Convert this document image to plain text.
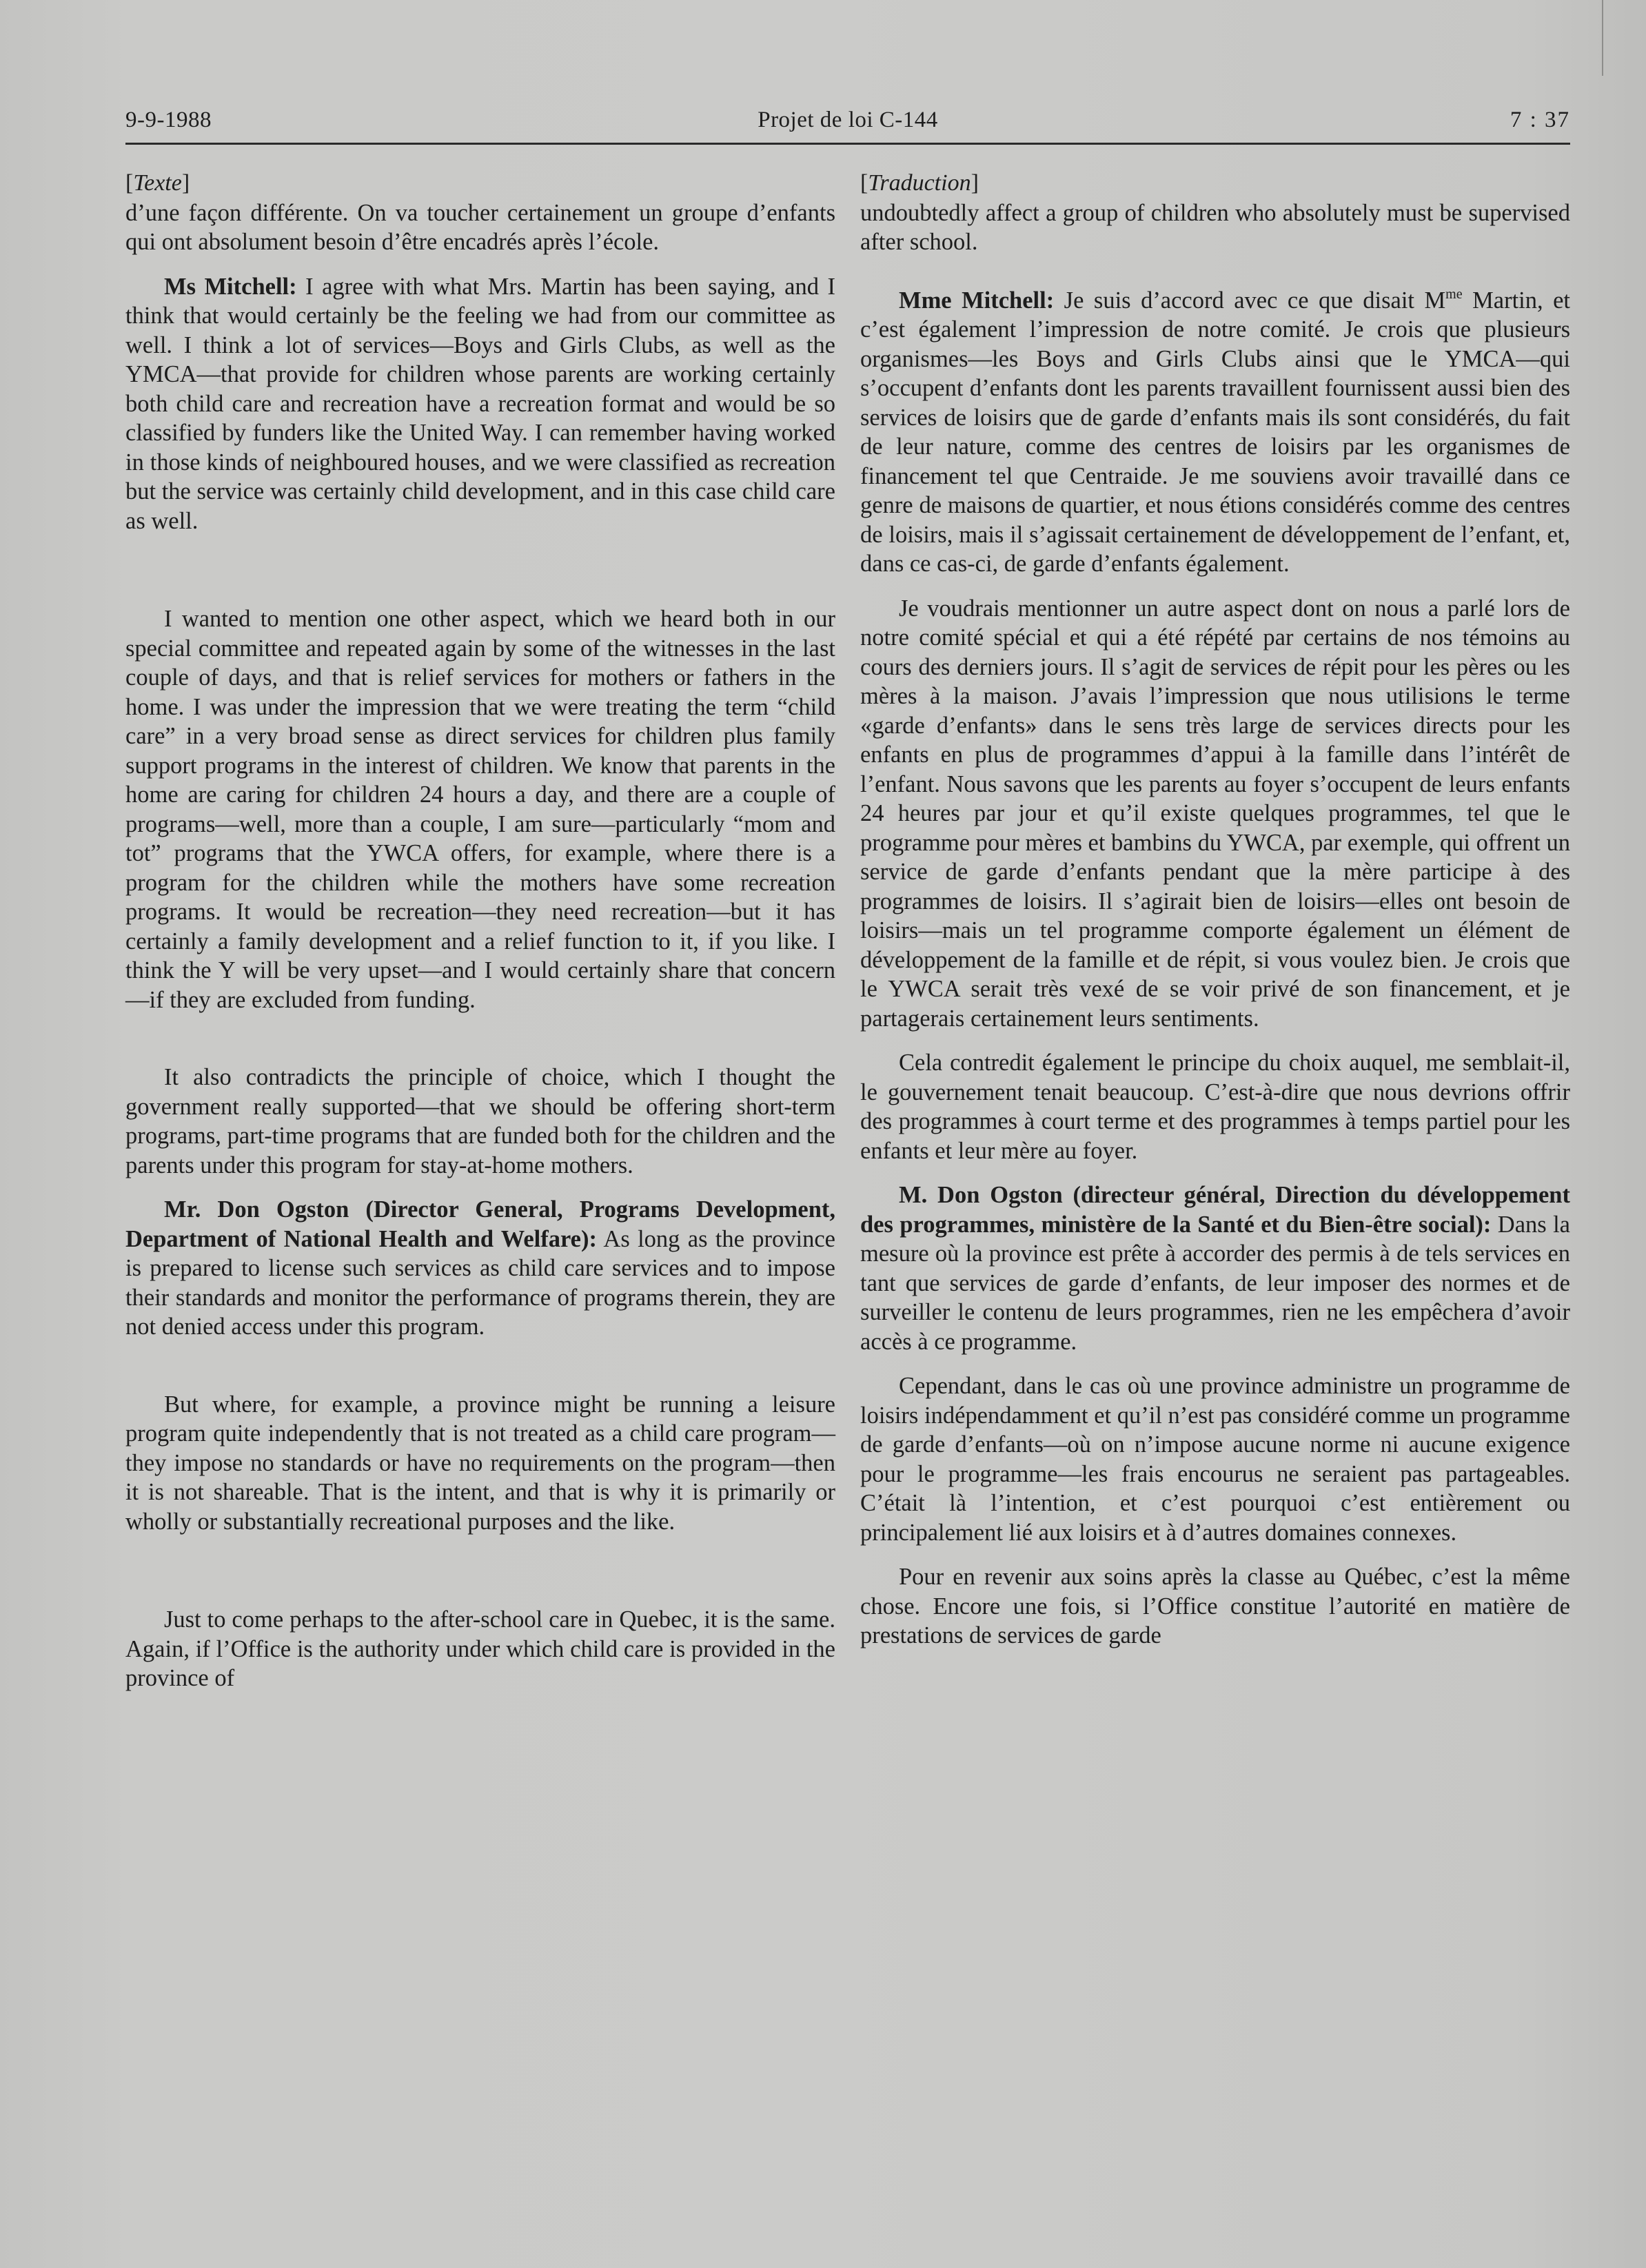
9-9-1988	Projet de loi C-144	7 : 37

[Texte]

d’une façon différente. On va toucher certainement un groupe d’enfants qui ont absolument besoin d’être encadrés après l’école.

Ms Mitchell: I agree with what Mrs. Martin has been saying, and I think that would certainly be the feeling we had from our committee as well. I think a lot of services—Boys and Girls Clubs, as well as the YMCA—that provide for children whose parents are working certainly both child care and recreation have a recreation format and would be so classified by funders like the United Way. I can remember having worked in those kinds of neighboured houses, and we were classified as recreation but the service was certainly child development, and in this case child care as well.

I wanted to mention one other aspect, which we heard both in our special committee and repeated again by some of the witnesses in the last couple of days, and that is relief services for mothers or fathers in the home. I was under the impression that we were treating the term “child care” in a very broad sense as direct services for children plus family support programs in the interest of children. We know that parents in the home are caring for children 24 hours a day, and there are a couple of programs—well, more than a couple, I am sure—particularly “mom and tot” programs that the YWCA offers, for example, where there is a program for the children while the mothers have some recreation programs. It would be recreation—they need recreation—but it has certainly a family development and a relief function to it, if you like. I think the Y will be very upset—and I would certainly share that concern—if they are excluded from funding.

It also contradicts the principle of choice, which I thought the government really supported—that we should be offering short-term programs, part-time programs that are funded both for the children and the parents under this program for stay-at-home mothers.

Mr. Don Ogston (Director General, Programs Development, Department of National Health and Welfare): As long as the province is prepared to license such services as child care services and to impose their standards and monitor the performance of programs therein, they are not denied access under this program.

But where, for example, a province might be running a leisure program quite independently that is not treated as a child care program—they impose no standards or have no requirements on the program—then it is not shareable. That is the intent, and that is why it is primarily or wholly or substantially recreational purposes and the like.

Just to come perhaps to the after-school care in Quebec, it is the same. Again, if l’Office is the authority under which child care is provided in the province of

[Traduction]

undoubtedly affect a group of children who absolutely must be supervised after school.

Mme Mitchell: Je suis d’accord avec ce que disait $M^{me}$ Martin, et c’est également l’impression de notre comité. Je crois que plusieurs organismes—les Boys and Girls Clubs ainsi que le YMCA—qui s’occupent d’enfants dont les parents travaillent fournissent aussi bien des services de loisirs que de garde d’enfants mais ils sont considérés, du fait de leur nature, comme des centres de loisirs par les organismes de financement tel que Centraide. Je me souviens avoir travaillé dans ce genre de maisons de quartier, et nous étions considérés comme des centres de loisirs, mais il s’agissait certainement de développement de l’enfant, et, dans ce cas-ci, de garde d’enfants également.

Je voudrais mentionner un autre aspect dont on nous a parlé lors de notre comité spécial et qui a été répété par certains de nos témoins au cours des derniers jours. Il s’agit de services de répit pour les pères ou les mères à la maison. J’avais l’impression que nous utilisions le terme «garde d’enfants» dans le sens très large de services directs pour les enfants en plus de programmes d’appui à la famille dans l’intérêt de l’enfant. Nous savons que les parents au foyer s’occupent de leurs enfants 24 heures par jour et qu’il existe quelques programmes, tel que le programme pour mères et bambins du YWCA, par exemple, qui offrent un service de garde d’enfants pendant que la mère participe à des programmes de loisirs. Il s’agirait bien de loisirs—elles ont besoin de loisirs—mais un tel programme comporte également un élément de développement de la famille et de répit, si vous voulez bien. Je crois que le YWCA serait très vexé de se voir privé de son financement, et je partagerais certainement leurs sentiments.

Cela contredit également le principe du choix auquel, me semblait-il, le gouvernement tenait beaucoup. C’est-à-dire que nous devrions offrir des programmes à court terme et des programmes à temps partiel pour les enfants et leur mère au foyer.

M. Don Ogston (directeur général, Direction du développement des programmes, ministère de la Santé et du Bien-être social): Dans la mesure où la province est prête à accorder des permis à de tels services en tant que services de garde d’enfants, de leur imposer des normes et de surveiller le contenu de leurs programmes, rien ne les empêchera d’avoir accès à ce programme.

Cependant, dans le cas où une province administre un programme de loisirs indépendamment et qu’il n’est pas considéré comme un programme de garde d’enfants—où on n’impose aucune norme ni aucune exigence pour le programme—les frais encourus ne seraient pas partageables. C’était là l’intention, et c’est pourquoi c’est entièrement ou principalement lié aux loisirs et à d’autres domaines connexes.

Pour en revenir aux soins après la classe au Québec, c’est la même chose. Encore une fois, si l’Office constitue l’autorité en matière de prestations de services de garde
